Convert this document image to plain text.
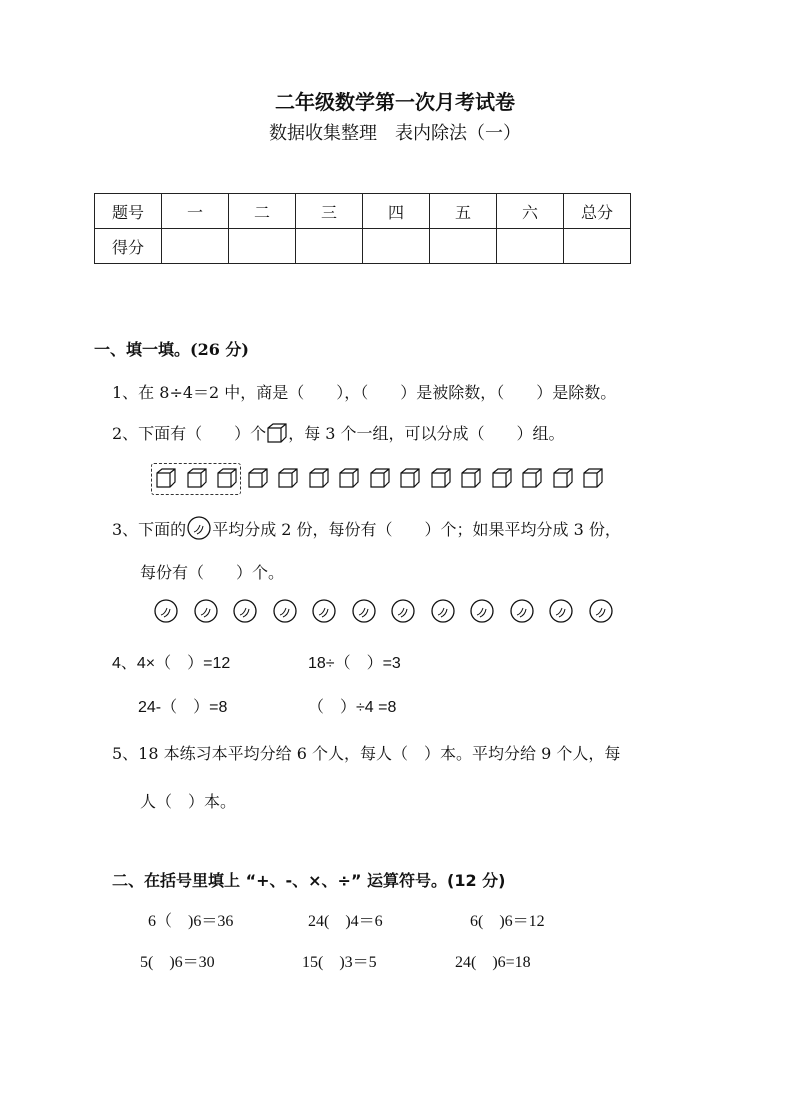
二年级数学第一次月考试卷
数据收集整理　表内除法（一）
题号	一	二	三	四	五	六	总分
得分							
一、填一填。(26 分)
1、在 8÷4＝2 中，商是（　　），（　　）是被除数，（　　）是除数。
2、下面有（　　）个 ，每 3 个一组，可以分成（　　）组。
3、下面的 平均分成 2 份，每份有（　　）个；如果平均分成 3 份，
每份有（　　）个。
4、4×（　）=12	18÷（　）=3
24-（　）=8	（　）÷4 =8
5、18 本练习本平均分给 6 个人，每人（　）本。平均分给 9 个人，每
人（　）本。
二、在括号里填上 “+、-、×、÷” 运算符号。(12 分)
6（　)6＝36	24(　)4＝6	6(　)6＝12
5(　)6＝30	15(　)3＝5	24(　)6=18
